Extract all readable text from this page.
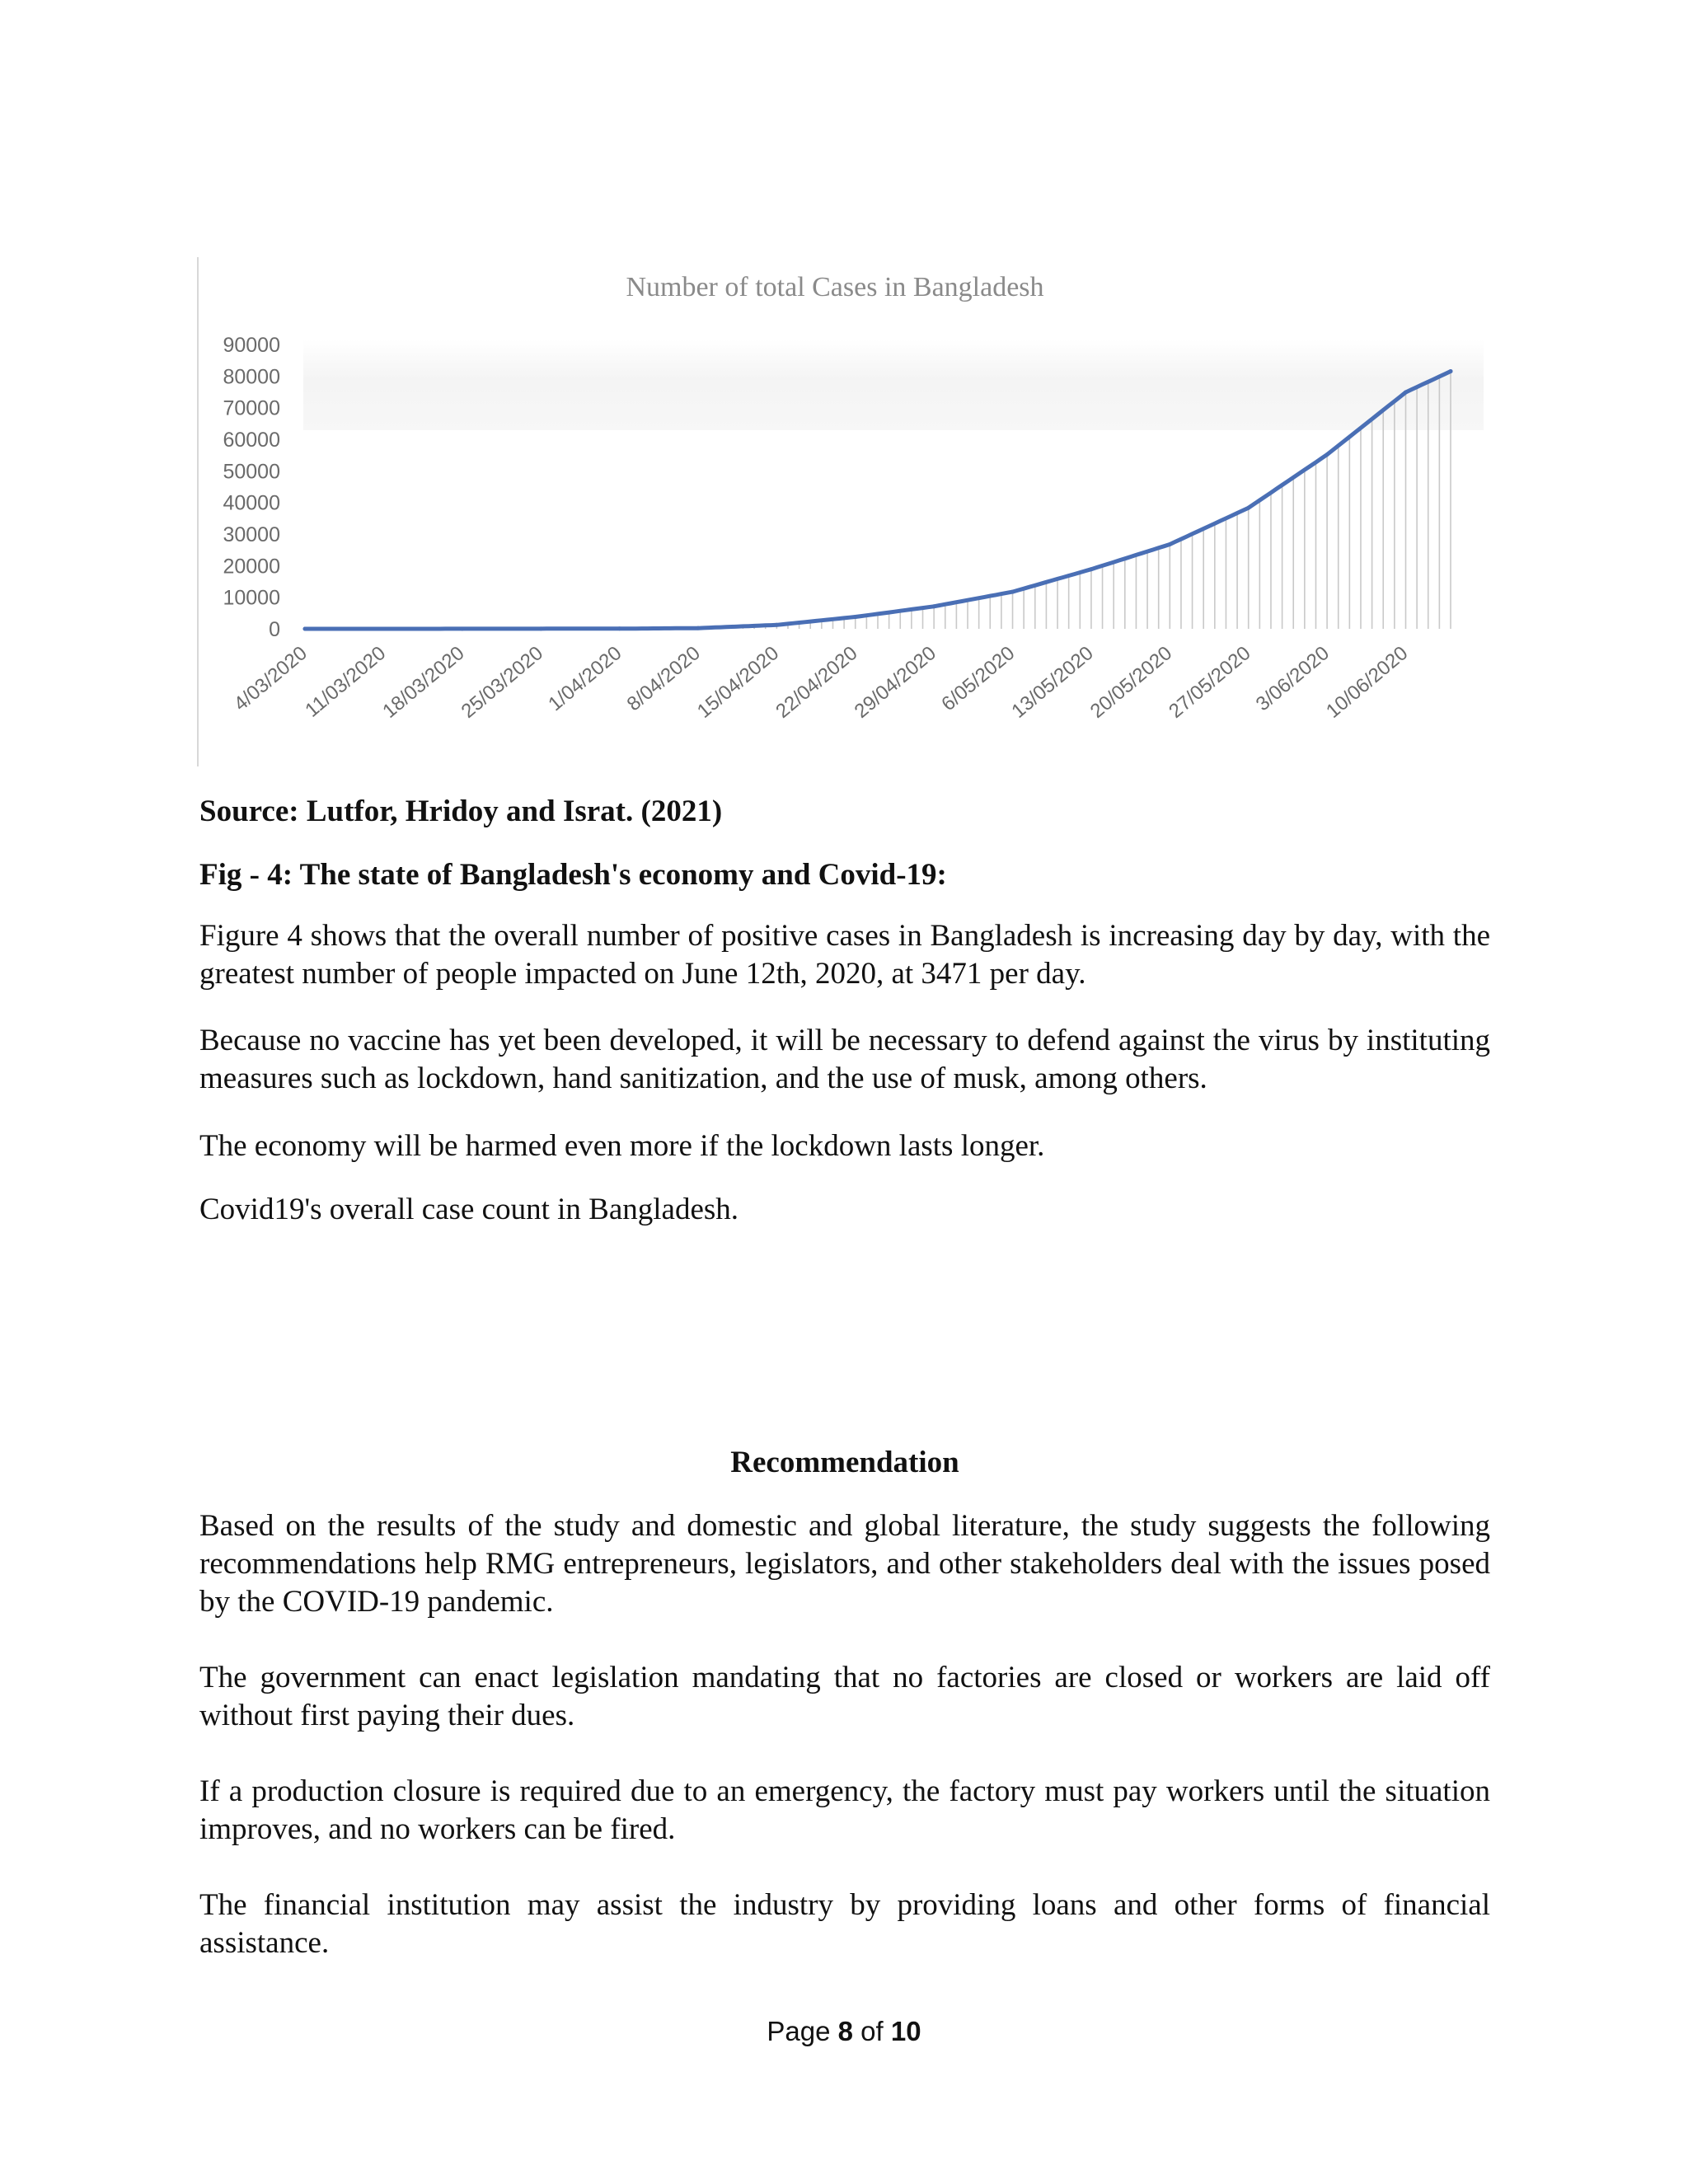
Number of total Cases in Bangladesh
0
10000
20000
30000
40000
50000
60000
70000
80000
90000
4/03/2020
11/03/2020
18/03/2020
25/03/2020
1/04/2020
8/04/2020
15/04/2020
22/04/2020
29/04/2020
6/05/2020
13/05/2020
20/05/2020
27/05/2020
3/06/2020
10/06/2020

Source: Lutfor, Hridoy and Israt. (2021)

Fig - 4: The state of Bangladesh's economy and Covid-19:

Figure 4 shows that the overall number of positive cases in Bangladesh is increasing day by day, with the greatest number of people impacted on June 12th, 2020, at 3471 per day.

Because no vaccine has yet been developed, it will be necessary to defend against the virus by instituting measures such as lockdown, hand sanitization, and the use of musk, among others.

The economy will be harmed even more if the lockdown lasts longer.

Covid19's overall case count in Bangladesh.

Recommendation

Based on the results of the study and domestic and global literature, the study suggests the following recommendations help RMG entrepreneurs, legislators, and other stakeholders deal with the issues posed by the COVID-19 pandemic.

The government can enact legislation mandating that no factories are closed or workers are laid off without first paying their dues.

If a production closure is required due to an emergency, the factory must pay workers until the situation improves, and no workers can be fired.

The financial institution may assist the industry by providing loans and other forms of financial assistance.

Page 8 of 10
